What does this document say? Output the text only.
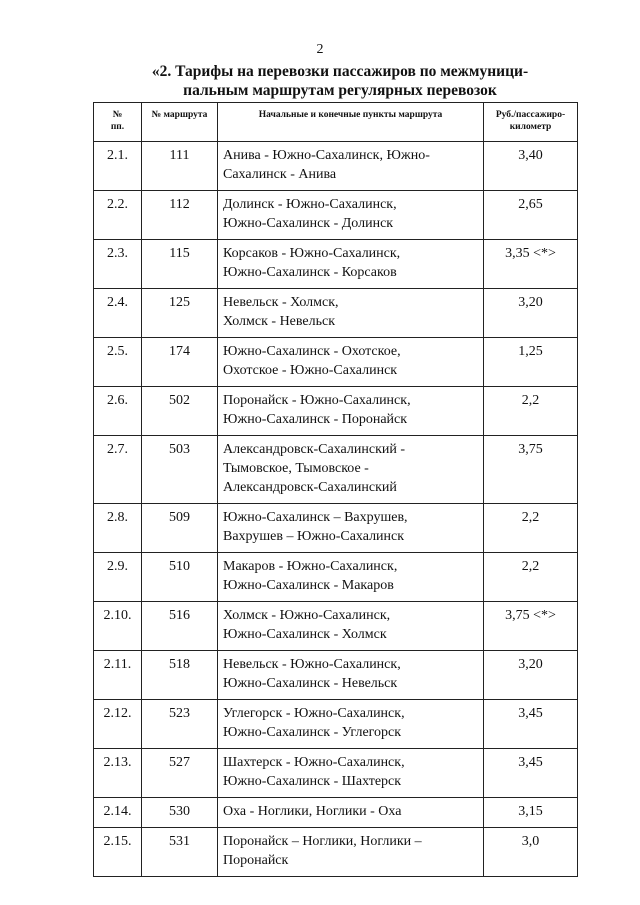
2
«2. Тарифы на перевозки пассажиров по межмуници-
пальным маршрутам регулярных перевозок
№
пп.	№ маршрута	Начальные и конечные пункты маршрута	Руб./пассажиро-
километр

2.1.	111	Анива - Южно-Сахалинск, Южно-
Сахалинск - Анива	3,40
2.2.	112	Долинск - Южно-Сахалинск,
Южно-Сахалинск - Долинск	2,65
2.3.	115	Корсаков - Южно-Сахалинск,
Южно-Сахалинск - Корсаков	3,35 <*>
2.4.	125	Невельск - Холмск,
Холмск - Невельск	3,20
2.5.	174	Южно-Сахалинск - Охотское,
Охотское - Южно-Сахалинск	1,25
2.6.	502	Поронайск - Южно-Сахалинск,
Южно-Сахалинск - Поронайск	2,2
2.7.	503	Александровск-Сахалинский -
Тымовское, Тымовское -
Александровск-Сахалинский	3,75
2.8.	509	Южно-Сахалинск – Вахрушев,
Вахрушев – Южно-Сахалинск	2,2
2.9.	510	Макаров - Южно-Сахалинск,
Южно-Сахалинск - Макаров	2,2
2.10.	516	Холмск - Южно-Сахалинск,
Южно-Сахалинск - Холмск	3,75 <*>
2.11.	518	Невельск - Южно-Сахалинск,
Южно-Сахалинск - Невельск	3,20
2.12.	523	Углегорск - Южно-Сахалинск,
Южно-Сахалинск - Углегорск	3,45
2.13.	527	Шахтерск - Южно-Сахалинск,
Южно-Сахалинск - Шахтерск	3,45
2.14.	530	Оха - Ноглики, Ноглики - Оха	3,15
2.15.	531	Поронайск – Ноглики, Ноглики –
Поронайск	3,0
